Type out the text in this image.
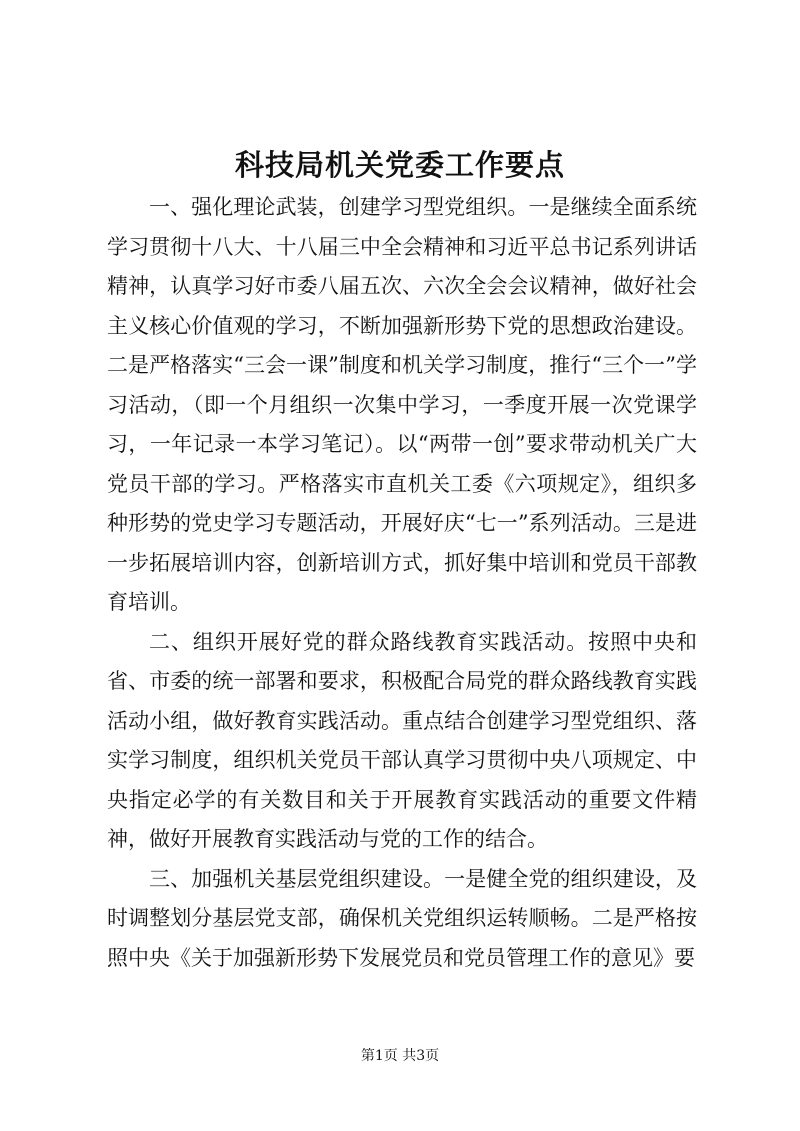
科技局机关党委工作要点

一、强化理论武装，创建学习型党组织。一是继续全面系统学习贯彻十八大、十八届三中全会精神和习近平总书记系列讲话精神，认真学习好市委八届五次、六次全会会议精神，做好社会主义核心价值观的学习，不断加强新形势下党的思想政治建设。二是严格落实“三会一课”制度和机关学习制度，推行“三个一”学习活动，（即一个月组织一次集中学习，一季度开展一次党课学习，一年记录一本学习笔记）。以“两带一创”要求带动机关广大党员干部的学习。严格落实市直机关工委《六项规定》，组织多种形势的党史学习专题活动，开展好庆“七一”系列活动。三是进一步拓展培训内容，创新培训方式，抓好集中培训和党员干部教育培训。

二、组织开展好党的群众路线教育实践活动。按照中央和省、市委的统一部署和要求，积极配合局党的群众路线教育实践活动小组，做好教育实践活动。重点结合创建学习型党组织、落实学习制度，组织机关党员干部认真学习贯彻中央八项规定、中央指定必学的有关数目和关于开展教育实践活动的重要文件精神，做好开展教育实践活动与党的工作的结合。

三、加强机关基层党组织建设。一是健全党的组织建设，及时调整划分基层党支部，确保机关党组织运转顺畅。二是严格按照中央《关于加强新形势下发展党员和党员管理工作的意见》要

第1页 共3页
